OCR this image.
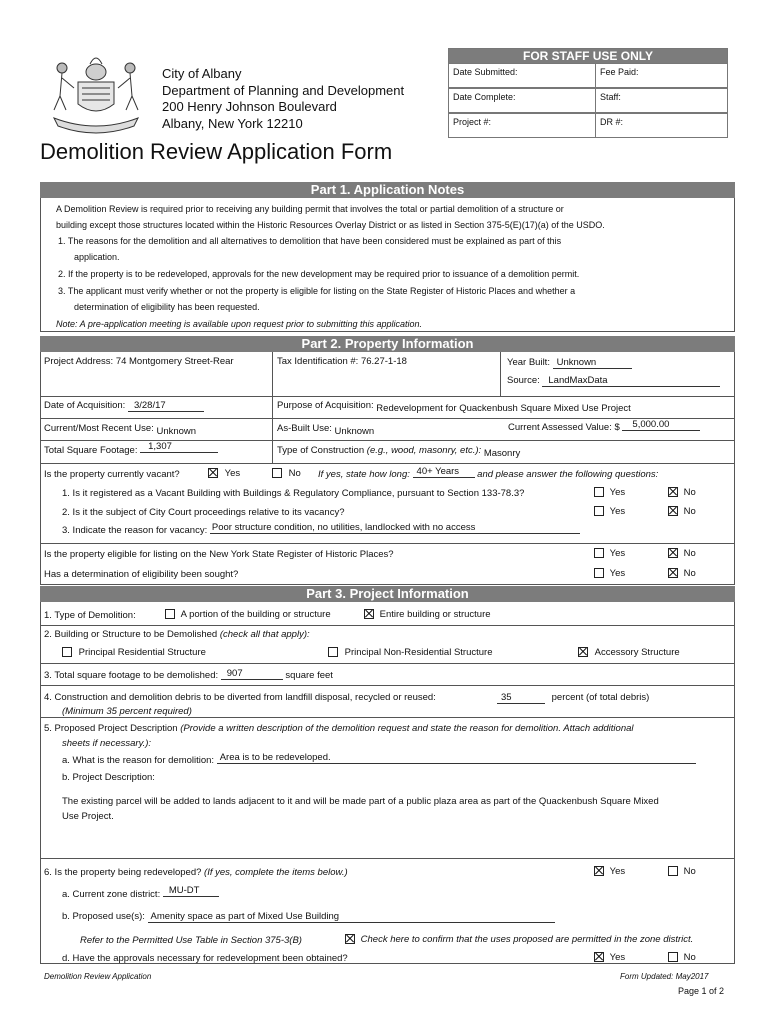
City of Albany
Department of Planning and Development
200 Henry Johnson Boulevard
Albany, New York 12210
Demolition Review Application Form
FOR STAFF USE ONLY
Date Submitted:	Fee Paid:
Date Complete:	Staff:
Project #:	DR #:
Part 1. Application Notes
A Demolition Review is required prior to receiving any building permit that involves the total or partial demolition of a structure or
building except those structures located within the Historic Resources Overlay District or as listed in Section 375-5(E)(17)(a) of the USDO.
1. The reasons for the demolition and all alternatives to demolition that have been considered must be explained as part of this
application.
2. If the property is to be redeveloped, approvals for the new development may be required prior to issuance of a demolition permit.
3. The applicant must verify whether or not the property is eligible for listing on the State Register of Historic Places and whether a
determination of eligibility has been requested.
Note: A pre-application meeting is available upon request prior to submitting this application.
Part 2. Property Information
Project Address: 74 Montgomery Street-Rear	Tax Identification #: 76.27-1-18	Year Built: Unknown
Source: LandMaxData
Date of Acquisition: 3/28/17	Purpose of Acquisition: Redevelopment for Quackenbush Square Mixed Use Project
Current/Most Recent Use: Unknown	As-Built Use: Unknown	Current Assessed Value: $ 5,000.00
Total Square Footage: 1,307	Type of Construction (e.g., wood, masonry, etc.): Masonry
Is the property currently vacant?	Yes	No If yes, state how long: 40+ Years and please answer the following questions:
1. Is it registered as a Vacant Building with Buildings & Regulatory Compliance, pursuant to Section 133-78.3?	Yes	No
2. Is it the subject of City Court proceedings relative to its vacancy?	Yes	No
3. Indicate the reason for vacancy: Poor structure condition, no utilities, landlocked with no access
Is the property eligible for listing on the New York State Register of Historic Places?	Yes	No
Has a determination of eligibility been sought?	Yes	No
Part 3. Project Information
1. Type of Demolition:	A portion of the building or structure	Entire building or structure
2. Building or Structure to be Demolished (check all that apply):
Principal Residential Structure	Principal Non-Residential Structure	Accessory Structure
3. Total square footage to be demolished: 907	square feet
4. Construction and demolition debris to be diverted from landfill disposal, recycled or reused:	35	percent (of total debris)
(Minimum 35 percent required)
5. Proposed Project Description (Provide a written description of the demolition request and state the reason for demolition. Attach additional
sheets if necessary.):
a. What is the reason for demolition: Area is to be redeveloped.
b. Project Description:
The existing parcel will be added to lands adjacent to it and will be made part of a public plaza area as part of the Quackenbush Square Mixed
Use Project.
6. Is the property being redeveloped? (If yes, complete the items below.)	Yes	No
a. Current zone district: MU-DT
b. Proposed use(s): Amenity space as part of Mixed Use Building
Refer to the Permitted Use Table in Section 375-3(B)	Check here to confirm that the uses proposed are permitted in the zone district.
d. Have the approvals necessary for redevelopment been obtained?	Yes	No
Demolition Review Application	Form Updated: May2017
Page 1 of 2
